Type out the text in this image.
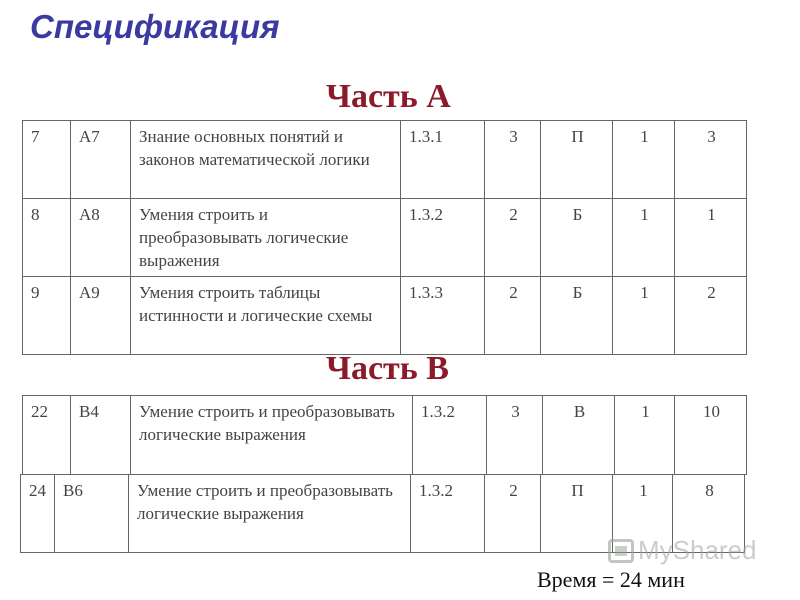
Спецификация
Часть А
7	А7	Знание основных понятий и законов математической логики	1.3.1	3	П	1	3
8	А8	Умения строить и преобразовывать логические выражения	1.3.2	2	Б	1	1
9	А9	Умения строить таблицы истинности и логические схемы	1.3.3	2	Б	1	2
Часть В
22	В4	Умение строить и преобразовывать логические выражения	1.3.2	3	В	1	10
24	В6	Умение строить и преобразовывать логические выражения	1.3.2	2	П	1	8
MyShared
Время = 24 мин
